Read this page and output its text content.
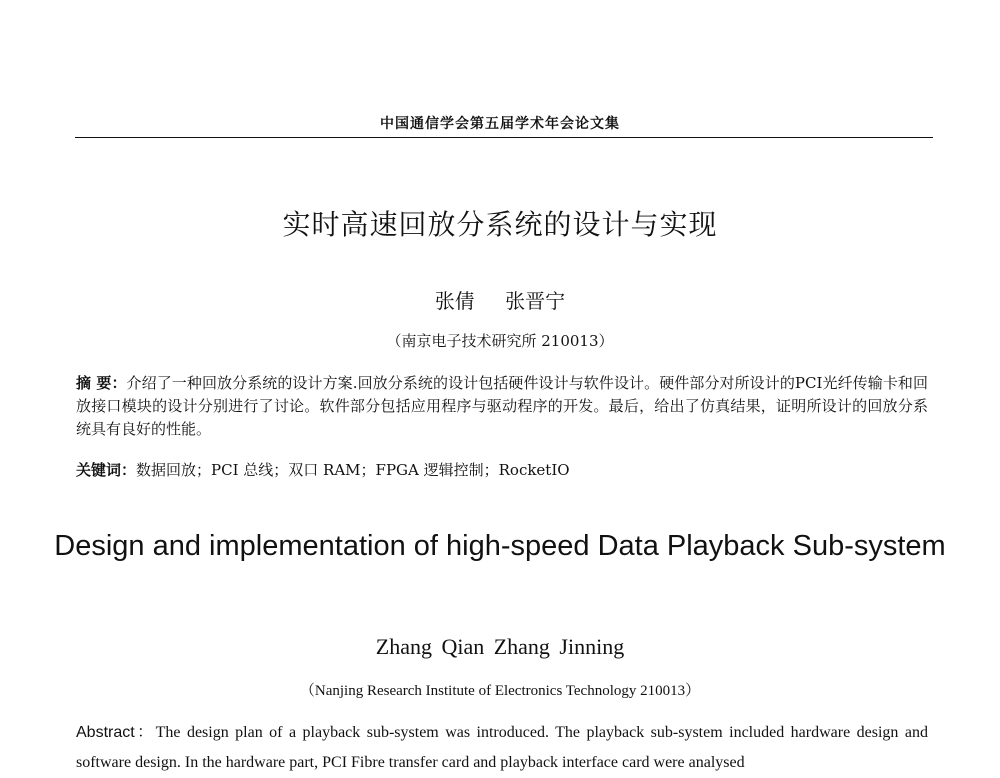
中国通信学会第五届学术年会论文集
实时高速回放分系统的设计与实现
张倩 张晋宁
（南京电子技术研究所 210013）
摘 要：介绍了一种回放分系统的设计方案.回放分系统的设计包括硬件设计与软件设计。硬件部分对所设计的PCI光纤传输卡和回放接口模块的设计分别进行了讨论。软件部分包括应用程序与驱动程序的开发。最后，给出了仿真结果，证明所设计的回放分系统具有良好的性能。
关键词：数据回放；PCI 总线；双口 RAM；FPGA 逻辑控制；RocketIO
Design and implementation of high-speed Data Playback Sub-system
Zhang Qian Zhang Jinning
（Nanjing Research Institute of Electronics Technology 210013）
Abstract：The design plan of a playback sub-system was introduced. The playback sub-system included hardware design and software design. In the hardware part, PCI Fibre transfer card and playback interface card were analysed
